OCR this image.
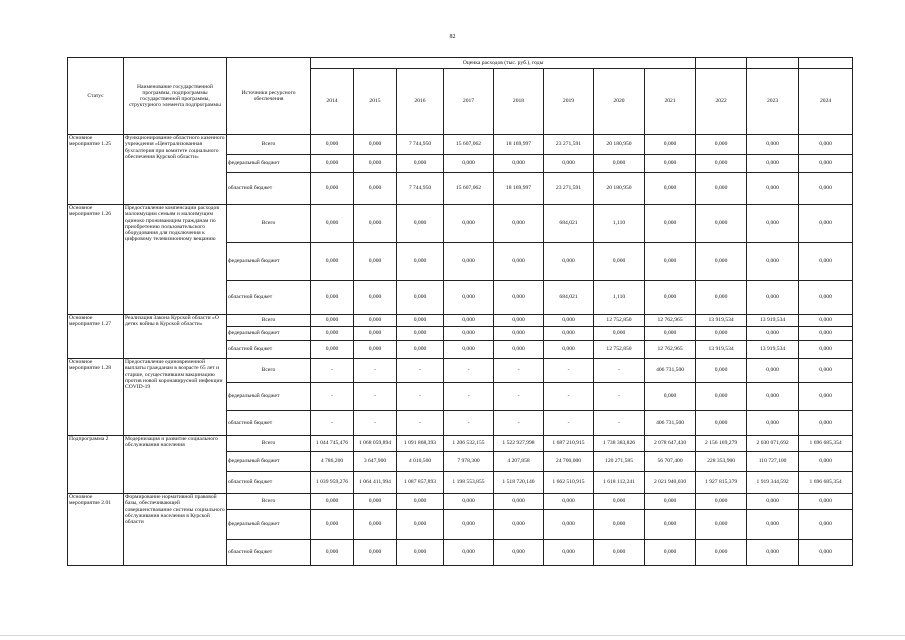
82
Статус	Наименование государственной программы, подпрограммы государственной программы, структурного элемента подпрограммы	Источники ресурсного обеспечения	Оценка расходов (тыс. руб.), годы										
			2014	2015	2016	2017	2018	2019	2020	2021	2022	2023	2024
Основное мероприятие 1.25	Функционирование областного казенного учреждения «Централизованная бухгалтерия при комитете социального обеспечения Курской области»	Всего	0,000	0,000	7 744,950	15 607,062	18 169,997	23 271,591	20 180,950	0,000	0,000	0,000	0,000
		федеральный бюджет	0,000	0,000	0,000	0,000	0,000	0,000	0,000	0,000	0,000	0,000	0,000
		областной бюджет	0,000	0,000	7 744,950	15 607,062	18 169,997	23 271,591	20 180,950	0,000	0,000	0,000	0,000
Основное мероприятие 1.26	Предоставление компенсации расходов малоимущим семьям и малоимущим одиноко проживающим гражданам по приобретению пользовательского оборудования для подключения к цифровому телевизионному вещанию	Всего	0,000	0,000	0,000	0,000	0,000	684,021	1,110	0,000	0,000	0,000	0,000
		федеральный бюджет	0,000	0,000	0,000	0,000	0,000	0,000	0,000	0,000	0,000	0,000	0,000
		областной бюджет	0,000	0,000	0,000	0,000	0,000	684,021	1,110	0,000	0,000	0,000	0,000
Основное мероприятие 1.27	Реализация Закона Курской области «О детях войны в Курской области»	Всего	0,000	0,000	0,000	0,000	0,000	0,000	12 752,850	12 762,965	13 919,534	13 919,534	0,000
		федеральный бюджет	0,000	0,000	0,000	0,000	0,000	0,000	0,000	0,000	0,000	0,000	0,000
		областной бюджет	0,000	0,000	0,000	0,000	0,000	0,000	12 752,850	12 762,965	13 919,534	13 919,534	0,000
Основное мероприятие 1.28	Предоставление единовременной выплаты гражданам в возрасте 65 лет и старше, осуществившим вакцинацию против новой коронавирусной инфекции COVID-19	Всего	-	-	-	-	-	-	-	406 731,500	0,000	0,000	0,000
		федеральный бюджет	-	-	-	-	-	-	-	0,000	0,000	0,000	0,000
		областной бюджет	-	-	-	-	-	-	-	406 731,500	0,000	0,000	0,000
Подпрограмма 2	Модернизация и развитие социального обслуживания населения	Всего	1 044 745,476	1 068 059,894	1 091 868,393	1 206 532,155	1 522 927,998	1 687 210,915	1 738 383,826	2 078 647,430	2 156 169,279	2 030 071,692	1 696 685,354
		федеральный бюджет	4 786,200	3 647,900	4 010,500	7 978,300	4 207,858	24 700,000	120 271,585	56 707,400	228 353,900	110 727,100	0,000
		областной бюджет	1 039 959,276	1 064 411,994	1 087 857,893	1 198 553,855	1 518 720,140	1 662 510,915	1 618 112,241	2 021 940,030	1 927 815,379	1 919 344,592	1 696 685,354
Основное мероприятие 2.01	Формирование нормативной правовой базы, обеспечивающей совершенствование системы социального обслуживания населения в Курской области	Всего	0,000	0,000	0,000	0,000	0,000	0,000	0,000	0,000	0,000	0,000	0,000
		федеральный бюджет	0,000	0,000	0,000	0,000	0,000	0,000	0,000	0,000	0,000	0,000	0,000
		областной бюджет	0,000	0,000	0,000	0,000	0,000	0,000	0,000	0,000	0,000	0,000	0,000
